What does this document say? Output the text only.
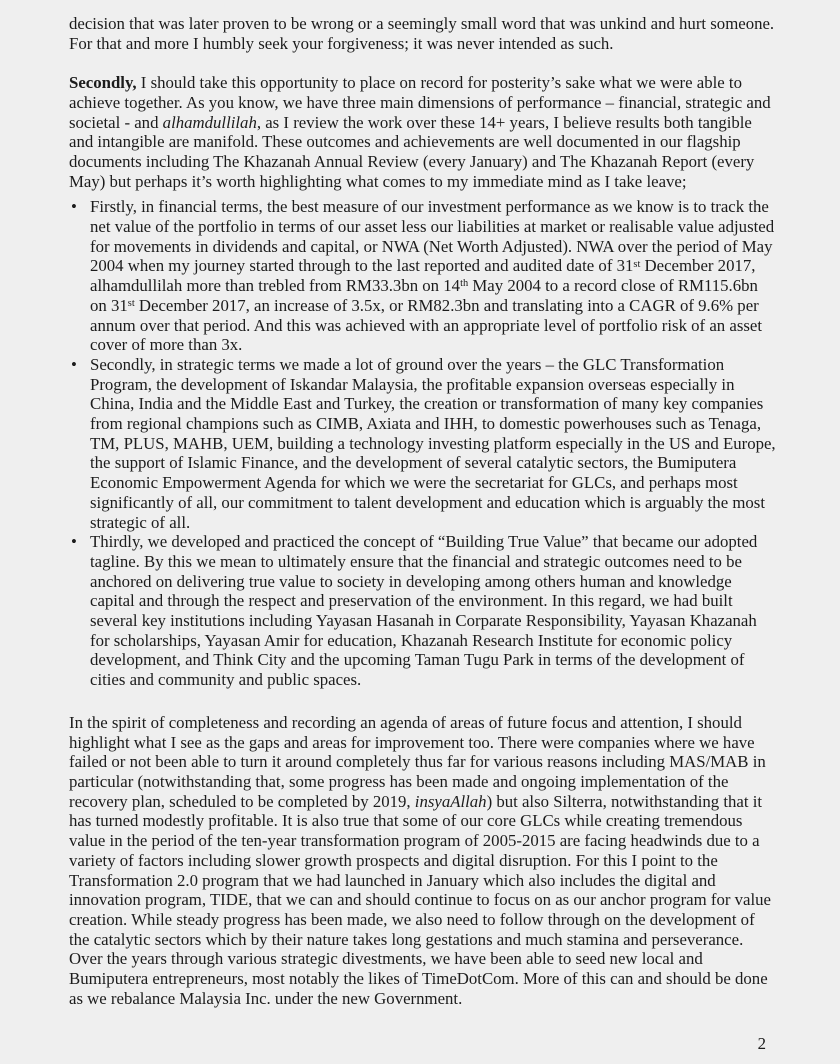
decision that was later proven to be wrong or a seemingly small word that was unkind and hurt someone. For that and more I humbly seek your forgiveness; it was never intended as such.

Secondly, I should take this opportunity to place on record for posterity’s sake what we were able to achieve together. As you know, we have three main dimensions of performance – financial, strategic and societal - and alhamdullilah, as I review the work over these 14+ years, I believe results both tangible and intangible are manifold. These outcomes and achievements are well documented in our flagship documents including The Khazanah Annual Review (every January) and The Khazanah Report (every May) but perhaps it’s worth highlighting what comes to my immediate mind as I take leave;

• Firstly, in financial terms, the best measure of our investment performance as we know is to track the net value of the portfolio in terms of our asset less our liabilities at market or realisable value adjusted for movements in dividends and capital, or NWA (Net Worth Adjusted). NWA over the period of May 2004 when my journey started through to the last reported and audited date of 31st December 2017, alhamdullilah more than trebled from RM33.3bn on 14th May 2004 to a record close of RM115.6bn on 31st December 2017, an increase of 3.5x, or RM82.3bn and translating into a CAGR of 9.6% per annum over that period. And this was achieved with an appropriate level of portfolio risk of an asset cover of more than 3x.
• Secondly, in strategic terms we made a lot of ground over the years – the GLC Transformation Program, the development of Iskandar Malaysia, the profitable expansion overseas especially in China, India and the Middle East and Turkey, the creation or transformation of many key companies from regional champions such as CIMB, Axiata and IHH, to domestic powerhouses such as Tenaga, TM, PLUS, MAHB, UEM, building a technology investing platform especially in the US and Europe, the support of Islamic Finance, and the development of several catalytic sectors, the Bumiputera Economic Empowerment Agenda for which we were the secretariat for GLCs, and perhaps most significantly of all, our commitment to talent development and education which is arguably the most strategic of all.
• Thirdly, we developed and practiced the concept of “Building True Value” that became our adopted tagline. By this we mean to ultimately ensure that the financial and strategic outcomes need to be anchored on delivering true value to society in developing among others human and knowledge capital and through the respect and preservation of the environment. In this regard, we had built several key institutions including Yayasan Hasanah in Corparate Responsibility, Yayasan Khazanah for scholarships, Yayasan Amir for education, Khazanah Research Institute for economic policy development, and Think City and the upcoming Taman Tugu Park in terms of the development of cities and community and public spaces.

In the spirit of completeness and recording an agenda of areas of future focus and attention, I should highlight what I see as the gaps and areas for improvement too. There were companies where we have failed or not been able to turn it around completely thus far for various reasons including MAS/MAB in particular (notwithstanding that, some progress has been made and ongoing implementation of the recovery plan, scheduled to be completed by 2019, insyaAllah) but also Silterra, notwithstanding that it has turned modestly profitable. It is also true that some of our core GLCs while creating tremendous value in the period of the ten-year transformation program of 2005-2015 are facing headwinds due to a variety of factors including slower growth prospects and digital disruption. For this I point to the Transformation 2.0 program that we had launched in January which also includes the digital and innovation program, TIDE, that we can and should continue to focus on as our anchor program for value creation. While steady progress has been made, we also need to follow through on the development of the catalytic sectors which by their nature takes long gestations and much stamina and perseverance. Over the years through various strategic divestments, we have been able to seed new local and Bumiputera entrepreneurs, most notably the likes of TimeDotCom. More of this can and should be done as we rebalance Malaysia Inc. under the new Government.

2
